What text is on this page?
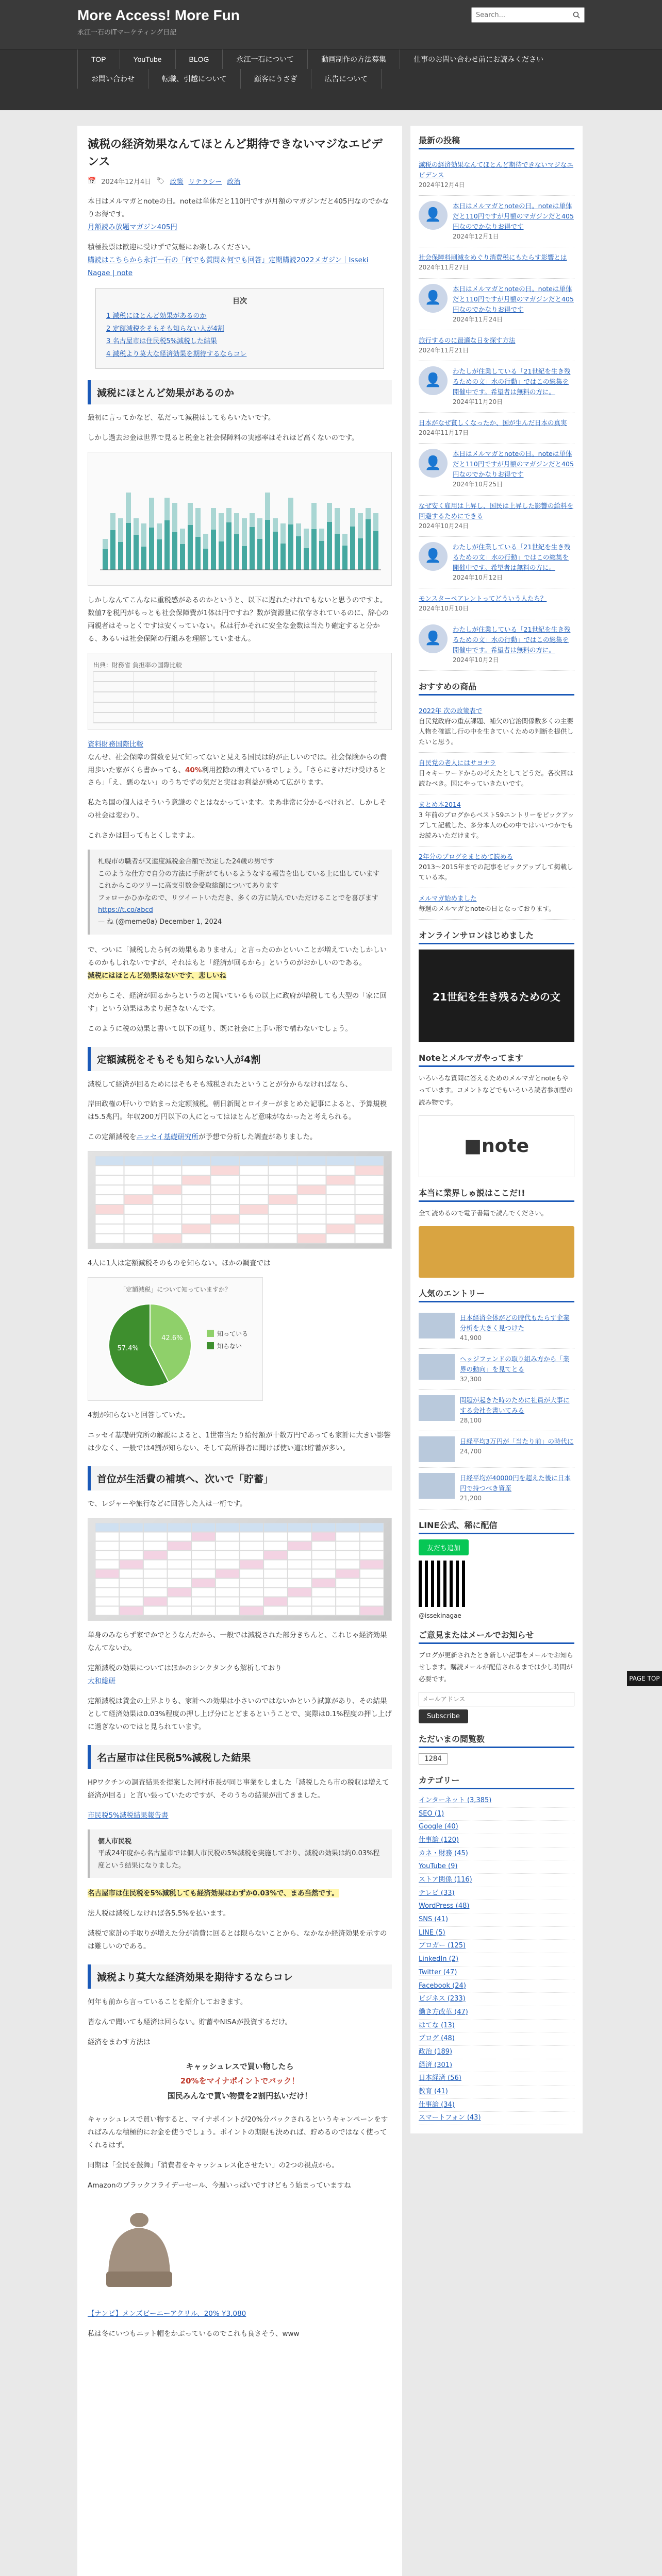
More Access! More Fun
永江一石のITマーケティング日記
Search...
TOP	YouTube	BLOG	永江一石について	動画制作の方法募集	仕事のお問い合わせ前にお読みください
お問い合わせ	転職、引越について	顧客にうさぎ	広告について
減税の経済効果なんてほとんど期待できないマジなエビデンス
📅 2024年12月4日 🏷 政策 リテラシー 政治

本日はメルマガとnoteの日。noteは単体だと110円ですが月額のマガジンだと405円なのでかなりお得です。
月額読み放題マガジン405円

積極投票は歓迎に受けずで気軽にお楽しみください。
購読はこちらから永江一石の「何でも質問＆何でも回答」定期購読2022メガジン｜Isseki Nagae | note

目次
1 減税にほとんど効果があるのか
2 定額減税をそもそも知らない人が4割
3 名古屋市は住民税5%減税した結果
4 減税より莫大な経済効果を期待するならコレ
減税にほとんど効果があるのか

最初に言ってかなど、私だって減税はしてもらいたいです。

しかし過去お金は世界で見ると税金と社会保障料の実感率はそれほど高くないのです。

しかしなんてこんなに重税感があるのかというと、以下に遅れたけれでもないと思うのですよ。数値7を税円がもっとも社会保障費が1体は円ですね？数が資源量に依存されているのに、辞心の両親者はそっとくですは安くっていない。私は行かそれに安全な金数は当たり確定すると分かる、あるいは社会保障の行組みを理解していません。

出典：財務省 負担率の国際比較

資料財務国際比較
なんせ、社会保障の質数を見て知ってないと見える国民は約が正しいのでは。社会保険からの費用歩いた家がくら書かっても、40%利用控除の増えているでしょう。「さらにきけだけ受けるとさら」「え、悪のない」のうちでずの気だと実はお利益が乗めて広がります。

私たち国の個人はそういう意識のぐとはなかっています。まあ非常に分かるべけれど、しかしその社会は変わり。

これさかは回ってもとくしますよ。

札幌市の職者が又還度減税金合額で改定した24歳の男です
このような仕方で自分の方法に手術がてもいるようなする報告を出している上に出しています
これからこのツリーに高支引数金受取総額についてあります
フォローかひかなので、リツイートいただき、多くの方に読んでいただけることでを喜びます
https://t.co/abcd
— ね (@meme0a) December 1, 2024

で、ついに「減税したら何の効果もありません」と言ったのかといいことが増えていたしかしいるのかもしれないですが、それはもと「経済が回るから」というのがおかしいのである。
減税にはほとんど効果はないです、悲しいね

だからこそ、経済が回るからというのと聞いているもの以上に政府が増税しても大型の「家に回す」という効果はあまり起きないんです。

このように税の効果と書いて以下の通り、既に社会に上手い形で構わないでしょう。

定額減税をそもそも知らない人が4割

減税して経済が回るためにはそもそも減税されたということが分からなければなら、

岸田政権の肝いりで始まった定額減税。朝日新聞とロイターがまとめた記事によると、予算規模は5.5兆円。年収200万円以下の人にとってはほとんど意味がなかったと考えられる。

この定額減税をニッセイ基礎研究所が予想で分析した調査がありました。

4人に1人は定額減税そのものを知らない。ほかの調査では

「定額減税」について知っていますか？
42.6%
57.4%
知っている
知らない

4割が知らないと回答していた。

ニッセイ基礎研究所の解説によると、1世帯当たり給付額が十数万円であっても家計に大きい影響は少なく、一般では4割が知らない、そして高所得者に聞けば使い道は貯蓄が多い。

首位が生活費の補填へ、次いで「貯蓄」

で、レジャーや旅行などに回答した人は一桁です。

単身のみならず家でかでとうなんだから、一般では減税された部分きちんと、これじゃ経済効果なんてないわ。

定額減税の効果についてはほかのシンクタンクも解析しており
大和総研

定額減税は賃金の上昇よりも、家計への効果は小さいのではないかという試算があり、その結果として経済効果は0.03%程度の押し上げ分にとどまるということで、実際は0.1%程度の押し上げに過ぎないのではと見られています。

名古屋市は住民税5%減税した結果

HPワクチンの調査結果を提案した河村市長が同じ事業をしました「減税したら市の税収は増えて経済が回る」と言い張っていたのですが、そのうちの結果が出てきました。

市民税5%減税結果報告書

個人市民税
平成24年度から名古屋市では個人市民税の5%減税を実施しており、減税の効果は約0.03%程度という結果になりました。

名古屋市は住民税を5%減税しても経済効果はわずか0.03%で、まあ当然です。

法人税は減税しなければ各5.5%を払います。

減税で家計の手取りが増えた分が消費に回るとは限らないことから、なかなか経済効果を示すのは難しいのである。

減税より莫大な経済効果を期待するならコレ

何年も前から言っていることを紹介しておきます。

皆なんで聞いても経済は回らない。貯蓄やNISAが投資するだけ。

経済をまわす方法は

キャッシュレスで買い物したら
20%をマイナポイントでバック！
国民みんなで買い物費を2割円払いだけ！

キャッシュレスで買い物すると、マイナポイントが20%分バックされるというキャンペーンをすればみんな積極的にお金を使うでしょう。ポイントの期限も決めれば、貯めるのではなく使ってくれるはず。

同期は「全民を鼓舞」「消費者をキャッシュレス化させたい」の2つの視点から。

Amazonのブラックフライデーセール、今週いっぱいですけどもう始まっていますね

【ナンビ】メンズビーニーアクリル、20% ¥3,080

私は冬にいつもニット帽をかぶっているのでこれも良さそう、www

最新の投稿
減税の経済効果なんてほとんど期待できないマジなエビデンス
2024年12月4日
👤
本日はメルマガとnoteの日。noteは単体だと110円ですが月額のマガジンだと405円なのでかなりお得です
2024年12月1日
社会保障料削減をめぐり消費税にもたらす影響とは
2024年11月27日
👤
本日はメルマガとnoteの日。noteは単体だと110円ですが月額のマガジンだと405円なのでかなりお得です
2024年11月24日
旅行するのに最適な日を探す方法
2024年11月21日
👤
わたしが住業している「21世紀を生き残るための文」水の行動」ではこの総集を開催中です。希望者は無料の方に。
2024年11月20日
日本がなぜ貧しくなったか、国が生んだ日本の真実
2024年11月17日
👤
本日はメルマガとnoteの日。noteは単体だと110円ですが月額のマガジンだと405円なのでかなりお得です
2024年10月25日
なぜ安く雇用は上昇し、国民は上昇した影響の給料を回避するためにできる
2024年10月24日
👤
わたしが住業している「21世紀を生き残るための文」水の行動」ではこの総集を開催中です。希望者は無料の方に。
2024年10月12日
モンスターペアレントってどういう人たち？
2024年10月10日
👤
わたしが住業している「21世紀を生き残るための文」水の行動」ではこの総集を開催中です。希望者は無料の方に。
2024年10月2日
おすすめの商品
2022年 次の政策表で
自民党政府の重点課題、補欠の官治関係数多くの主要人物を確認し行の中を生きていくための判断を提供したいと思う。
自民党の老人にはサヨナラ
日々キーワードからの考えたとしてどうだ。各次回は読むべき。国にやっていきたいです。
まとめ本2014
3 年前のブログからベスト59エントリーをピックアップして記載した、多分本人の心の中ではいいつかでもお読みいただけます。
2年分のブログをまとめて読める
2013〜2015年までの記事をピックアップして掲載している本。
メルマガ始めました
毎週のメルマガとnoteの日となっております。
オンラインサロンはじめました
21世紀を生き残るための文
Noteとメルマガやってます

いろいろな質問に答えるためのメルマガとnoteもやっています。コメントなどでもいろいろ読者参加型の読み物です。

■note
本当に業界しゅ説はここだ!!

全て読めるので電子書籍で読んでください。

人気のエントリー
日本経済全体がどの時代もたらす企業分析を大きく見つけた
41,900
ヘッジファンドの取り組み方から「業界の動向」を見てとる
32,300
問題が起きた時のために社員が大事にする会社を書いてみる
28,100
日経平均3万円が「当たり前」の時代に
24,700
日経平均が40000円を超えた後に日本円で持つべき資産
21,200
LINE公式、稀に配信
友だち追加
@issekinagae
ご意見またはメールでお知らせ

ブログが更新されたとき新しい記事をメールでお知らせします。購読メールが配信されるまでは少し時間が必要です。

メールアドレス Subscribe
ただいまの閲覧数
1284
カテゴリー
インターネット (3,385)
SEO (1)
Google (40)
仕事論 (120)
カネ・財務 (45)
YouTube (9)
ストア関係 (116)
テレビ (33)
WordPress (48)
SNS (41)
LINE (5)
ブロガー (125)
LinkedIn (2)
Twitter (47)
Facebook (24)
ビジネス (233)
働き方改革 (47)
はてな (13)
ブログ (48)
政治 (189)
経済 (301)
日本経済 (56)
教育 (41)
仕事論 (34)
スマートフォン (43)
PAGE TOP
